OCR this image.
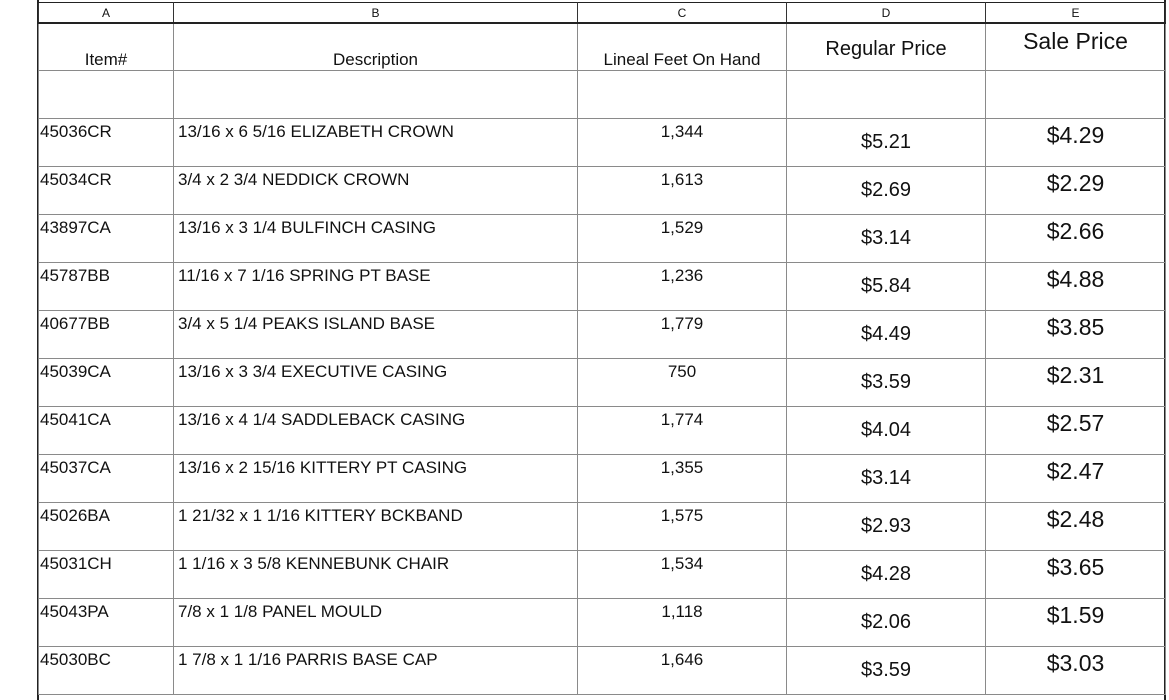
A	B	C	D	E

Item#	Description	Lineal Feet On Hand	Regular Price	Sale Price

45036CR	13/16 x 6 5/16 ELIZABETH CROWN	1,344	$5.21	$4.29

45034CR	3/4 x 2 3/4 NEDDICK CROWN	1,613	$2.69	$2.29

43897CA	13/16 x 3 1/4 BULFINCH CASING	1,529	$3.14	$2.66

45787BB	11/16 x 7 1/16 SPRING PT BASE	1,236	$5.84	$4.88

40677BB	3/4 x 5 1/4 PEAKS ISLAND BASE	1,779	$4.49	$3.85

45039CA	13/16 x 3 3/4 EXECUTIVE CASING	750	$3.59	$2.31

45041CA	13/16 x 4 1/4 SADDLEBACK CASING	1,774	$4.04	$2.57

45037CA	13/16 x 2 15/16 KITTERY PT CASING	1,355	$3.14	$2.47

45026BA	1 21/32 x 1 1/16 KITTERY BCKBAND	1,575	$2.93	$2.48

45031CH	1 1/16 x 3 5/8 KENNEBUNK CHAIR	1,534	$4.28	$3.65

45043PA	7/8 x 1 1/8 PANEL MOULD	1,118	$2.06	$1.59

45030BC	1 7/8 x 1 1/16 PARRIS BASE CAP	1,646	$3.59	$3.03
